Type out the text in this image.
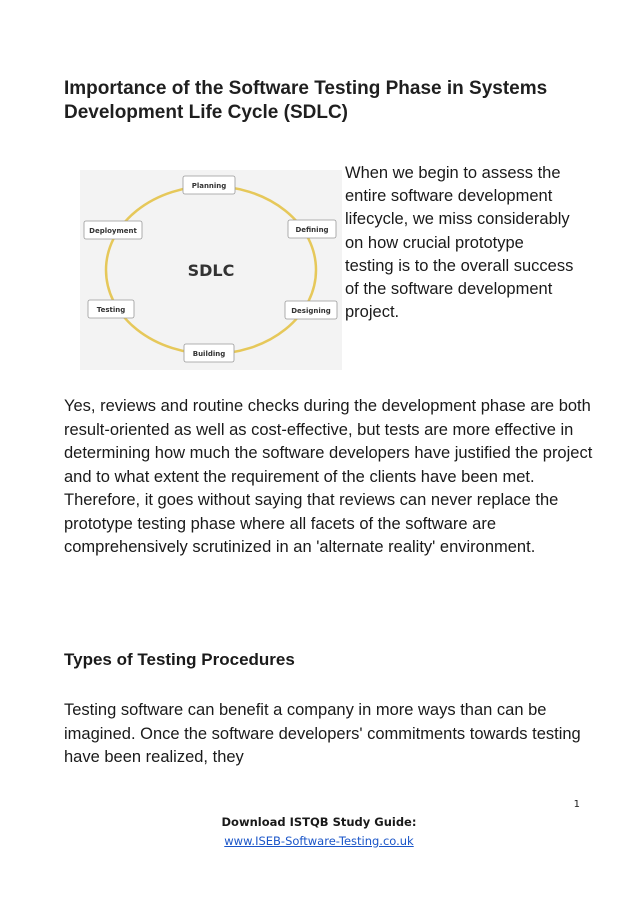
Importance of the Software Testing Phase in Systems Development Life Cycle (SDLC)
SDLC
Planning
Defining
Designing
Building
Testing
Deployment
When we begin to assess the entire software development lifecycle, we miss considerably on how crucial prototype testing is to the overall success of the software development project.
Yes, reviews and routine checks during the development phase are both result-oriented as well as cost-effective, but tests are more effective in determining how much the software developers have justified the project and to what extent the requirement of the clients have been met. Therefore, it goes without saying that reviews can never replace the prototype testing phase where all facets of the software are comprehensively scrutinized in an 'alternate reality' environment.
Types of Testing Procedures
Testing software can benefit a company in more ways than can be imagined. Once the software developers' commitments towards testing have been realized, they
1
Download ISTQB Study Guide:
www.ISEB-Software-Testing.co.uk
